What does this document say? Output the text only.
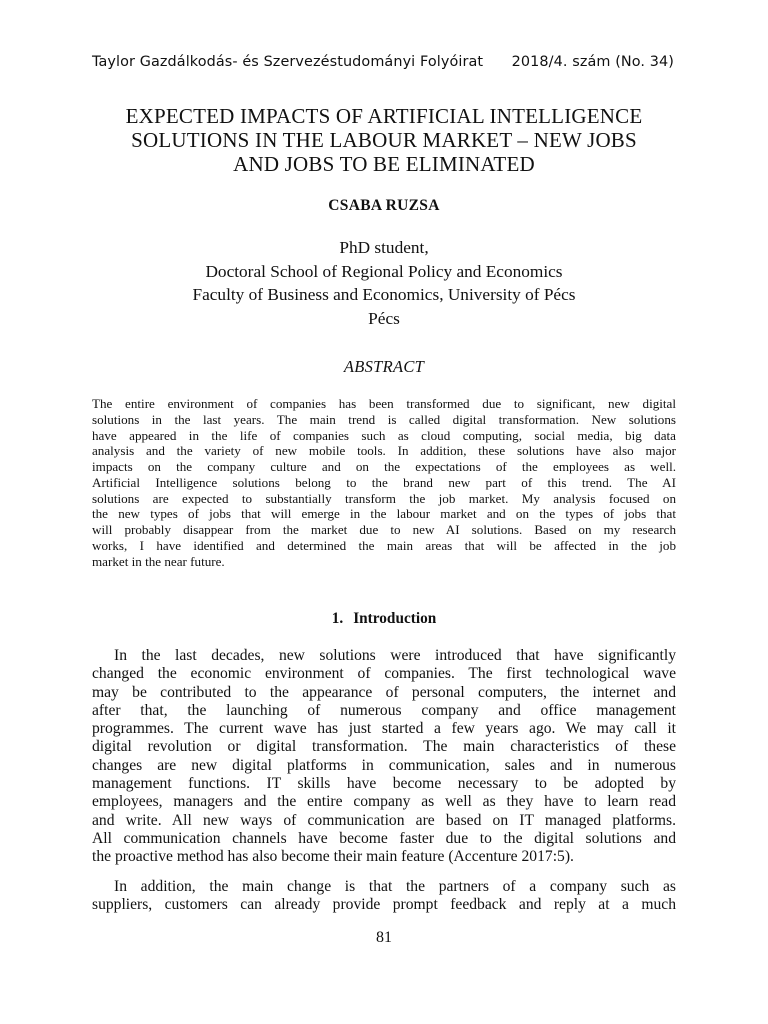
Taylor Gazdálkodás- és Szervezéstudományi Folyóirat 2018/4. szám (No. 34)
EXPECTED IMPACTS OF ARTIFICIAL INTELLIGENCE
SOLUTIONS IN THE LABOUR MARKET – NEW JOBS
AND JOBS TO BE ELIMINATED
CSABA RUZSA
PhD student,
Doctoral School of Regional Policy and Economics
Faculty of Business and Economics, University of Pécs
Pécs
ABSTRACT
The entire environment of companies has been transformed due to significant, new digital
solutions in the last years. The main trend is called digital transformation. New solutions
have appeared in the life of companies such as cloud computing, social media, big data
analysis and the variety of new mobile tools. In addition, these solutions have also major
impacts on the company culture and on the expectations of the employees as well.
Artificial Intelligence solutions belong to the brand new part of this trend. The AI
solutions are expected to substantially transform the job market. My analysis focused on
the new types of jobs that will emerge in the labour market and on the types of jobs that
will probably disappear from the market due to new AI solutions. Based on my research
works, I have identified and determined the main areas that will be affected in the job
market in the near future.
1. Introduction
In the last decades, new solutions were introduced that have significantly
changed the economic environment of companies. The first technological wave
may be contributed to the appearance of personal computers, the internet and
after that, the launching of numerous company and office management
programmes. The current wave has just started a few years ago. We may call it
digital revolution or digital transformation. The main characteristics of these
changes are new digital platforms in communication, sales and in numerous
management functions. IT skills have become necessary to be adopted by
employees, managers and the entire company as well as they have to learn read
and write. All new ways of communication are based on IT managed platforms.
All communication channels have become faster due to the digital solutions and
the proactive method has also become their main feature (Accenture 2017:5).
In addition, the main change is that the partners of a company such as
suppliers, customers can already provide prompt feedback and reply at a much
81
